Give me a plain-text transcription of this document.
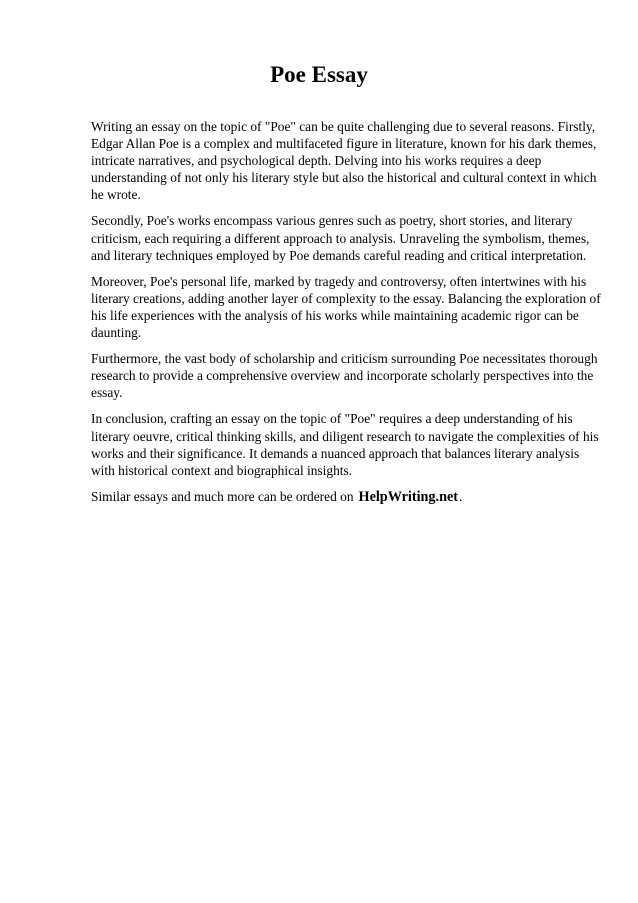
Poe Essay

Writing an essay on the topic of "Poe" can be quite challenging due to several reasons. Firstly, Edgar Allan Poe is a complex and multifaceted figure in literature, known for his dark themes, intricate narratives, and psychological depth. Delving into his works requires a deep understanding of not only his literary style but also the historical and cultural context in which he wrote.

Secondly, Poe's works encompass various genres such as poetry, short stories, and literary criticism, each requiring a different approach to analysis. Unraveling the symbolism, themes, and literary techniques employed by Poe demands careful reading and critical interpretation.

Moreover, Poe's personal life, marked by tragedy and controversy, often intertwines with his literary creations, adding another layer of complexity to the essay. Balancing the exploration of his life experiences with the analysis of his works while maintaining academic rigor can be daunting.

Furthermore, the vast body of scholarship and criticism surrounding Poe necessitates thorough research to provide a comprehensive overview and incorporate scholarly perspectives into the essay.

In conclusion, crafting an essay on the topic of "Poe" requires a deep understanding of his literary oeuvre, critical thinking skills, and diligent research to navigate the complexities of his works and their significance. It demands a nuanced approach that balances literary analysis with historical context and biographical insights.

Similar essays and much more can be ordered on HelpWriting.net.
